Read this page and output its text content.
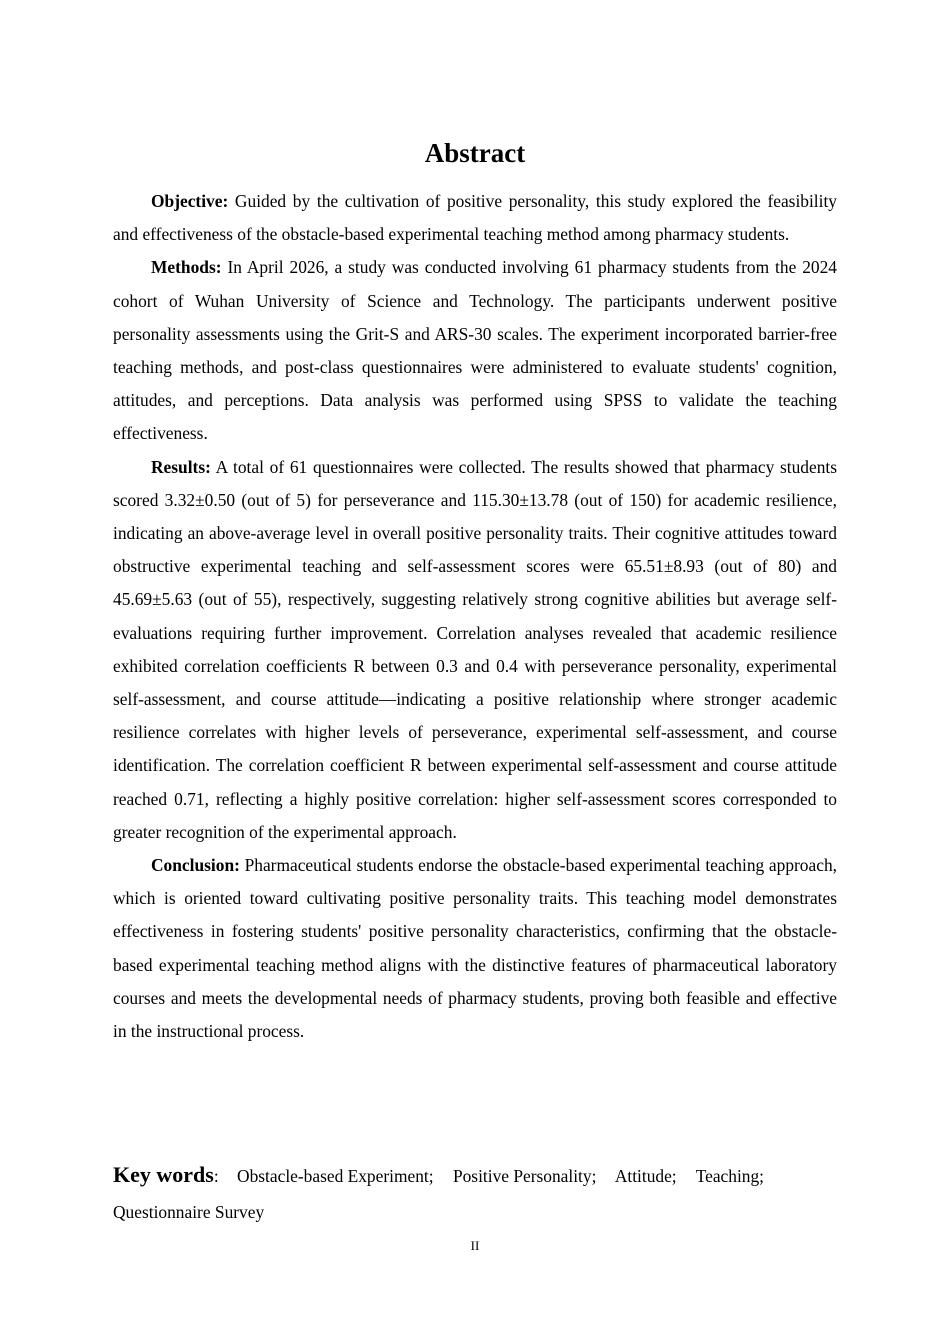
Abstract

Objective: Guided by the cultivation of positive personality, this study explored the feasibility and effectiveness of the obstacle-based experimental teaching method among pharmacy students.

Methods: In April 2026, a study was conducted involving 61 pharmacy students from the 2024 cohort of Wuhan University of Science and Technology. The participants underwent positive personality assessments using the Grit-S and ARS-30 scales. The experiment incorporated barrier-free teaching methods, and post-class questionnaires were administered to evaluate students' cognition, attitudes, and perceptions. Data analysis was performed using SPSS to validate the teaching effectiveness.

Results: A total of 61 questionnaires were collected. The results showed that pharmacy students scored 3.32±0.50 (out of 5) for perseverance and 115.30±13.78 (out of 150) for academic resilience, indicating an above-average level in overall positive personality traits. Their cognitive attitudes toward obstructive experimental teaching and self-assessment scores were 65.51±8.93 (out of 80) and 45.69±5.63 (out of 55), respectively, suggesting relatively strong cognitive abilities but average self-evaluations requiring further improvement. Correlation analyses revealed that academic resilience exhibited correlation coefficients R between 0.3 and 0.4 with perseverance personality, experimental self-assessment, and course attitude—indicating a positive relationship where stronger academic resilience correlates with higher levels of perseverance, experimental self-assessment, and course identification. The correlation coefficient R between experimental self-assessment and course attitude reached 0.71, reflecting a highly positive correlation: higher self-assessment scores corresponded to greater recognition of the experimental approach.

Conclusion: Pharmaceutical students endorse the obstacle-based experimental teaching approach, which is oriented toward cultivating positive personality traits. This teaching model demonstrates effectiveness in fostering students' positive personality characteristics, confirming that the obstacle-based experimental teaching method aligns with the distinctive features of pharmaceutical laboratory courses and meets the developmental needs of pharmacy students, proving both feasible and effective in the instructional process.

Key words: Obstacle-based Experiment; Positive Personality; Attitude; Teaching; Questionnaire Survey
II
